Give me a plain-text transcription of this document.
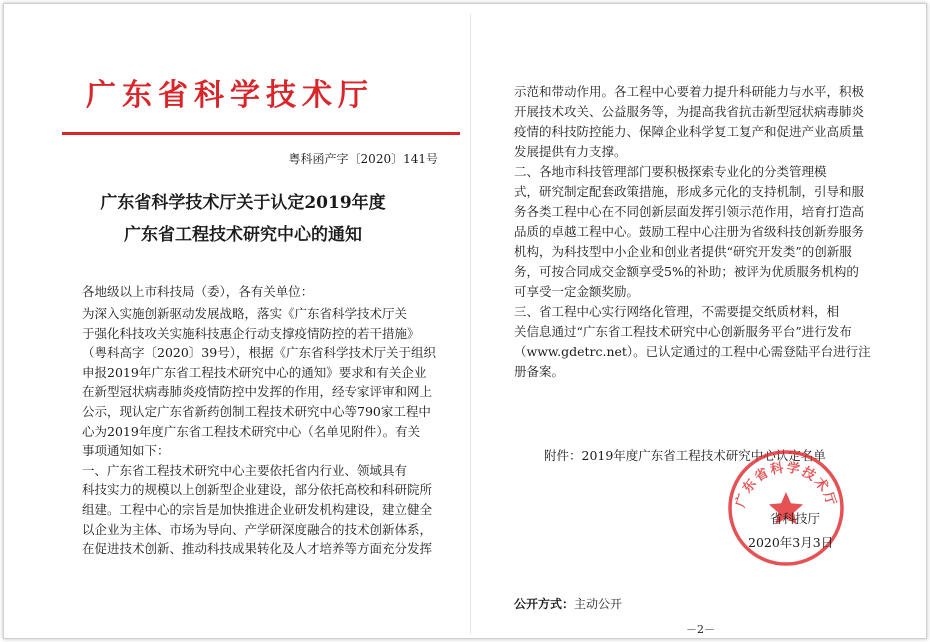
广东省科学技术厅
粤科函产字〔2020〕141号
广东省科学技术厅关于认定2019年度
广东省工程技术研究中心的通知
各地级以上市科技局（委），各有关单位：
为深入实施创新驱动发展战略，落实《广东省科学技术厅关
于强化科技攻关实施科技惠企行动支撑疫情防控的若干措施》
（粤科高字〔2020〕39号），根据《广东省科学技术厅关于组织
申报2019年广东省工程技术研究中心的通知》要求和有关企业
在新型冠状病毒肺炎疫情防控中发挥的作用，经专家评审和网上
公示，现认定广东省新药创制工程技术研究中心等790家工程中
心为2019年度广东省工程技术研究中心（名单见附件）。有关
事项通知如下：
一、广东省工程技术研究中心主要依托省内行业、领域具有
科技实力的规模以上创新型企业建设，部分依托高校和科研院所
组建。工程中心的宗旨是加快推进企业研发机构建设，建立健全
以企业为主体、市场为导向、产学研深度融合的技术创新体系，
在促进技术创新、推动科技成果转化及人才培养等方面充分发挥
示范和带动作用。各工程中心要着力提升科研能力与水平，积极
开展技术攻关、公益服务等，为提高我省抗击新型冠状病毒肺炎
疫情的科技防控能力、保障企业科学复工复产和促进产业高质量
发展提供有力支撑。
二、各地市科技管理部门要积极探索专业化的分类管理模
式，研究制定配套政策措施，形成多元化的支持机制，引导和服
务各类工程中心在不同创新层面发挥引领示范作用，培育打造高
品质的卓越工程中心。鼓励工程中心注册为省级科技创新券服务
机构，为科技型中小企业和创业者提供“研究开发类”的创新服
务，可按合同成交金额享受5%的补助；被评为优质服务机构的
可享受一定金额奖励。
三、省工程中心实行网络化管理，不需要提交纸质材料，相
关信息通过“广东省工程技术研究中心创新服务平台”进行发布
（www.gdetrc.net）。已认定通过的工程中心需登陆平台进行注
册备案。
附件：2019年度广东省工程技术研究中心认定名单
广东省科学技术厅
省科技厅
2020年3月3日
公开方式：主动公开
－2－
